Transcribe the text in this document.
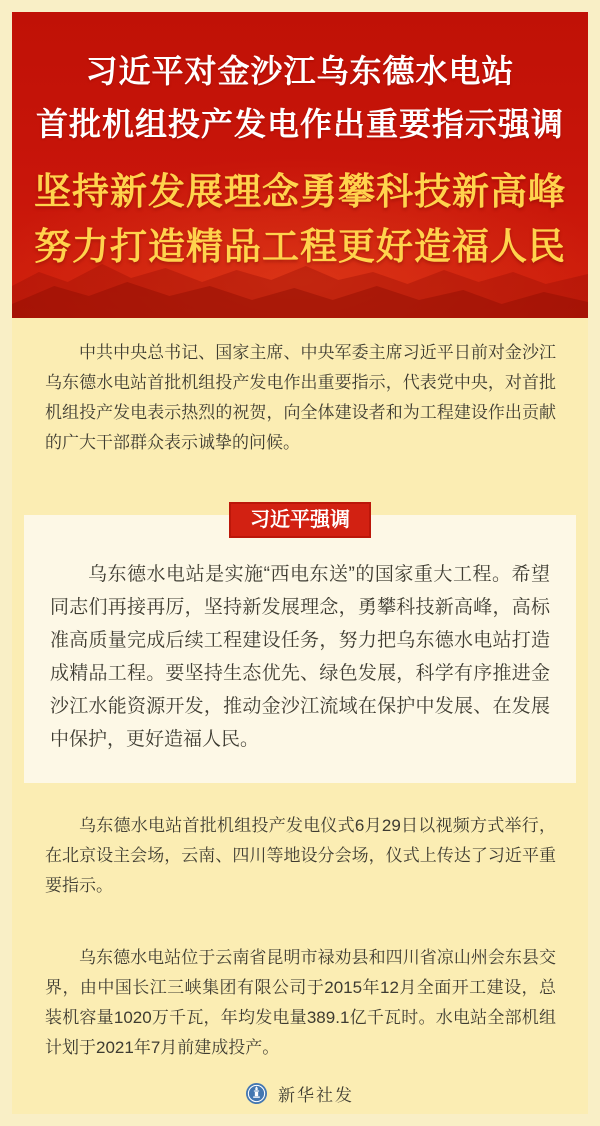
习近平对金沙江乌东德水电站
首批机组投产发电作出重要指示强调
坚持新发展理念勇攀科技新高峰
努力打造精品工程更好造福人民

中共中央总书记、国家主席、中央军委主席习近平日前对金沙江乌东德水电站首批机组投产发电作出重要指示，代表党中央，对首批机组投产发电表示热烈的祝贺，向全体建设者和为工程建设作出贡献的广大干部群众表示诚挚的问候。

习近平强调

乌东德水电站是实施“西电东送”的国家重大工程。希望同志们再接再厉，坚持新发展理念，勇攀科技新高峰，高标准高质量完成后续工程建设任务，努力把乌东德水电站打造成精品工程。要坚持生态优先、绿色发展，科学有序推进金沙江水能资源开发，推动金沙江流域在保护中发展、在发展中保护，更好造福人民。

乌东德水电站首批机组投产发电仪式6月29日以视频方式举行，在北京设主会场，云南、四川等地设分会场，仪式上传达了习近平重要指示。

乌东德水电站位于云南省昆明市禄劝县和四川省凉山州会东县交界，由中国长江三峡集团有限公司于2015年12月全面开工建设，总装机容量1020万千瓦，年均发电量389.1亿千瓦时。水电站全部机组计划于2021年7月前建成投产。

新华社发
